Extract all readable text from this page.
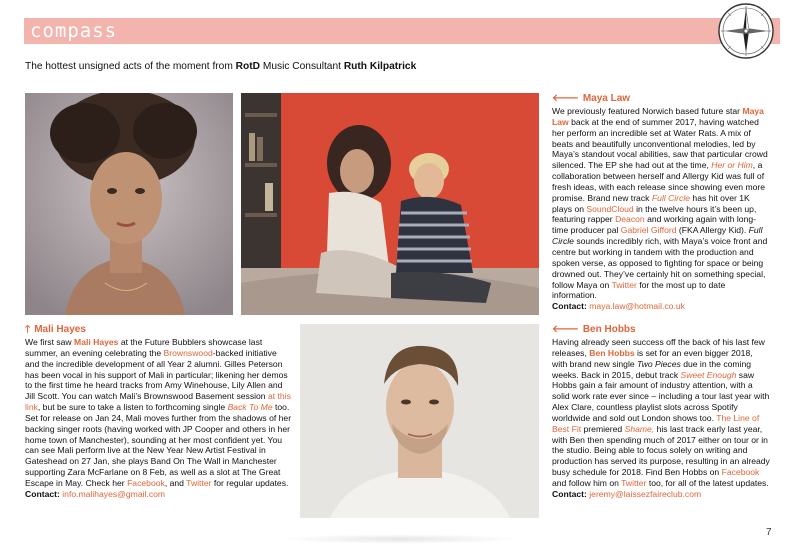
compass
The hottest unsigned acts of the moment from RotD Music Consultant Ruth Kilpatrick
🡐 Maya Law

We previously featured Norwich based future star Maya Law back at the end of summer 2017, having watched her perform an incredible set at Water Rats. A mix of beats and beautifully unconventional melodies, led by Maya’s standout vocal abilities, saw that particular crowd silenced. The EP she had out at the time, Her or Him, a collaboration between herself and Allergy Kid was full of fresh ideas, with each release since showing even more promise. Brand new track Full Circle has hit over 1K plays on SoundCloud in the twelve hours it’s been up, featuring rapper Deacon and working again with long-time producer pal Gabriel Gifford (FKA Allergy Kid). Full Circle sounds incredibly rich, with Maya’s voice front and centre but working in tandem with the production and spoken verse, as opposed to fighting for space or being drowned out. They’ve certainly hit on something special, follow Maya on Twitter for the most up to date information.

Contact: maya.law@hotmail.co.uk

🡑 Mali Hayes

We first saw Mali Hayes at the Future Bubblers showcase last summer, an evening celebrating the Brownswood-backed initiative and the incredible development of all Year 2 alumni. Gilles Peterson has been vocal in his support of Mali in particular; likening her demos to the first time he heard tracks from Amy Winehouse, Lily Allen and Jill Scott. You can watch Mali’s Brownswood Basement session at this link, but be sure to take a listen to forthcoming single Back To Me too. Set for release on Jan 24, Mali moves further from the shadows of her backing singer roots (having worked with JP Cooper and others in her home town of Manchester), sounding at her most confident yet. You can see Mali perform live at the New Year New Artist Festival in Gateshead on 27 Jan, she plays Band On The Wall in Manchester supporting Zara McFarlane on 8 Feb, as well as a slot at The Great Escape in May. Check her Facebook, and Twitter for regular updates.

Contact: info.malihayes@gmail.com

🡐 Ben Hobbs

Having already seen success off the back of his last few releases, Ben Hobbs is set for an even bigger 2018, with brand new single Two Pieces due in the coming weeks. Back in 2015, debut track Sweet Enough saw Hobbs gain a fair amount of industry attention, with a solid work rate ever since – including a tour last year with Alex Clare, countless playlist slots across Spotify worldwide and sold out London shows too. The Line of Best Fit premiered Shame, his last track early last year, with Ben then spending much of 2017 either on tour or in the studio. Being able to focus solely on writing and production has served its purpose, resulting in an already busy schedule for 2018. Find Ben Hobbs on Facebook and follow him on Twitter too, for all of the latest updates.

Contact: jeremy@laissezfaireclub.com

7
